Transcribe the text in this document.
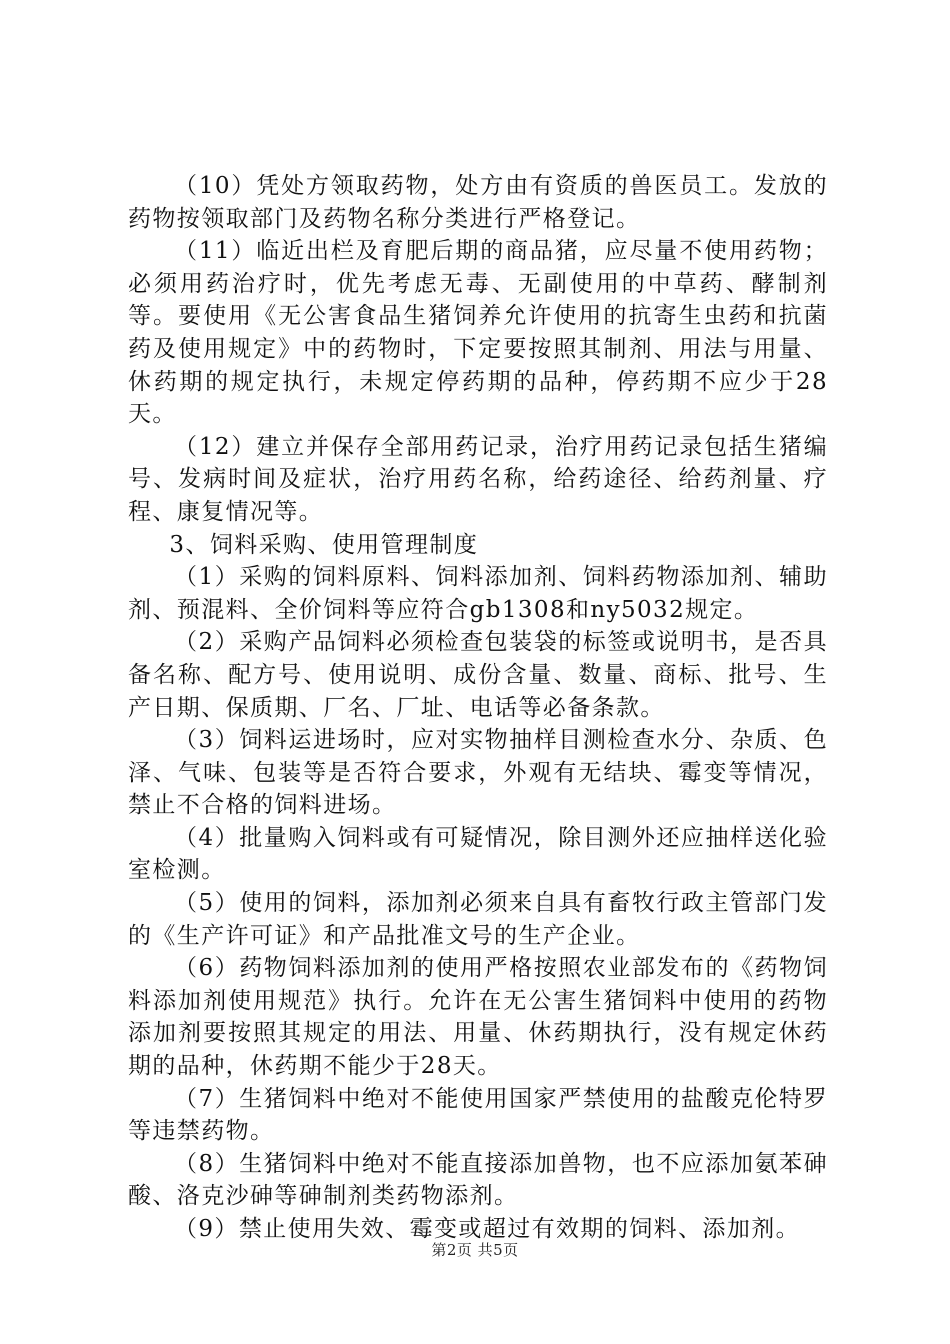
（10）凭处方领取药物，处方由有资质的兽医员工。发放的药物按领取部门及药物名称分类进行严格登记。

（11）临近出栏及育肥后期的商品猪，应尽量不使用药物；必须用药治疗时，优先考虑无毒、无副使用的中草药、酵制剂等。要使用《无公害食品生猪饲养允许使用的抗寄生虫药和抗菌药及使用规定》中的药物时，下定要按照其制剂、用法与用量、休药期的规定执行，未规定停药期的品种，停药期不应少于28天。

（12）建立并保存全部用药记录，治疗用药记录包括生猪编号、发病时间及症状，治疗用药名称，给药途径、给药剂量、疗程、康复情况等。

3、饲料采购、使用管理制度

（1）采购的饲料原料、饲料添加剂、饲料药物添加剂、辅助剂、预混料、全价饲料等应符合gb1308和ny5032规定。

（2）采购产品饲料必须检查包装袋的标签或说明书，是否具备名称、配方号、使用说明、成份含量、数量、商标、批号、生产日期、保质期、厂名、厂址、电话等必备条款。

（3）饲料运进场时，应对实物抽样目测检查水分、杂质、色泽、气味、包装等是否符合要求，外观有无结块、霉变等情况，禁止不合格的饲料进场。

（4）批量购入饲料或有可疑情况，除目测外还应抽样送化验室检测。

（5）使用的饲料，添加剂必须来自具有畜牧行政主管部门发的《生产许可证》和产品批准文号的生产企业。

（6）药物饲料添加剂的使用严格按照农业部发布的《药物饲料添加剂使用规范》执行。允许在无公害生猪饲料中使用的药物添加剂要按照其规定的用法、用量、休药期执行，没有规定休药期的品种，休药期不能少于28天。

（7）生猪饲料中绝对不能使用国家严禁使用的盐酸克伦特罗等违禁药物。

（8）生猪饲料中绝对不能直接添加兽物，也不应添加氨苯砷酸、洛克沙砷等砷制剂类药物添剂。

（9）禁止使用失效、霉变或超过有效期的饲料、添加剂。

第2页 共5页
